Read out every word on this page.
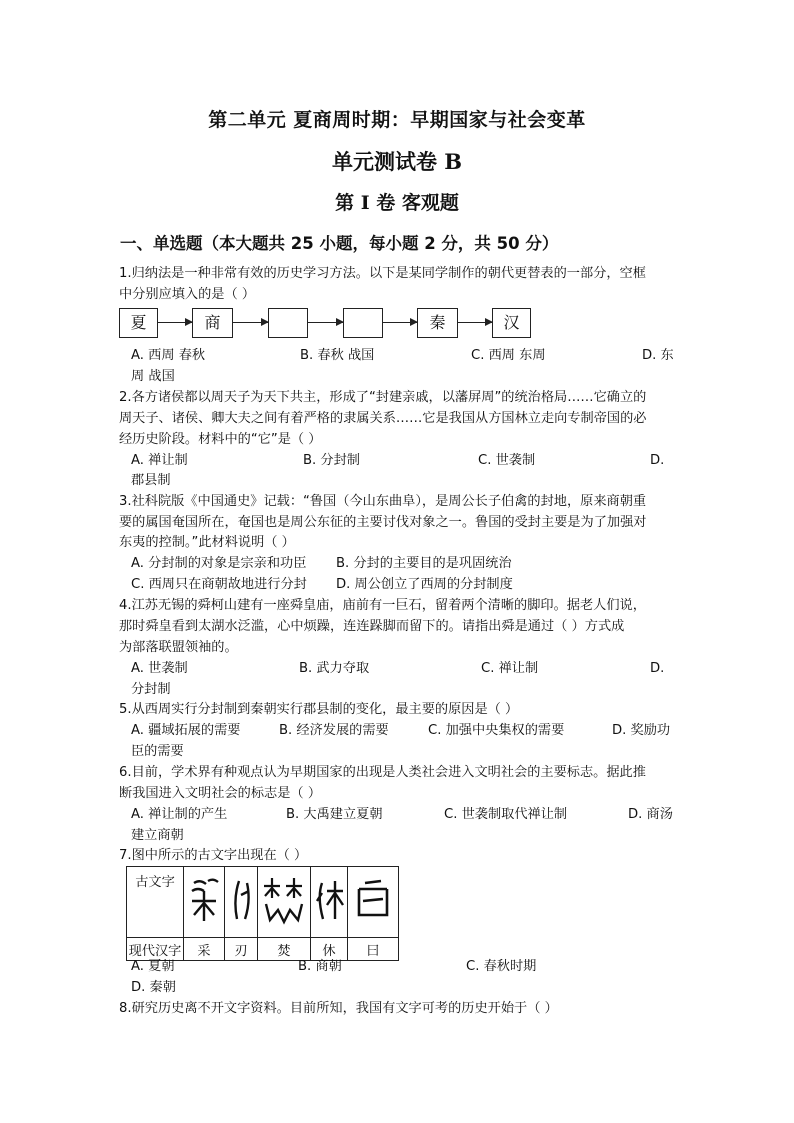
第二单元 夏商周时期：早期国家与社会变革
单元测试卷 B
第 I 卷 客观题
一、单选题（本大题共 25 小题，每小题 2 分，共 50 分）
1.归纳法是一种非常有效的历史学习方法。以下是某同学制作的朝代更替表的一部分，空框
中分别应填入的是（ ）
夏	商	秦	汉
A. 西周 春秋	B. 春秋 战国	C. 西周 东周	D. 东
周 战国
2.各方诸侯都以周天子为天下共主，形成了“封建亲戚，以藩屏周”的统治格局……它确立的
周天子、诸侯、卿大夫之间有着严格的隶属关系……它是我国从方国林立走向专制帝国的必
经历史阶段。材料中的“它”是（ ）
A. 禅让制	B. 分封制	C. 世袭制	D.
郡县制
3.社科院版《中国通史》记载：“鲁国（今山东曲阜），是周公长子伯禽的封地，原来商朝重
要的属国奄国所在，奄国也是周公东征的主要讨伐对象之一。鲁国的受封主要是为了加强对
东夷的控制。”此材料说明（ ）
A. 分封制的对象是宗亲和功臣 B. 分封的主要目的是巩固统治
C. 西周只在商朝故地进行分封 D. 周公创立了西周的分封制度
4.江苏无锡的舜柯山建有一座舜皇庙，庙前有一巨石，留着两个清晰的脚印。据老人们说，
那时舜皇看到太湖水泛滥，心中烦躁，连连跺脚而留下的。请指出舜是通过（ ）方式成
为部落联盟领袖的。
A. 世袭制	B. 武力夺取	C. 禅让制	D.
分封制
5.从西周实行分封制到秦朝实行郡县制的变化，最主要的原因是（ ）
A. 疆域拓展的需要	B. 经济发展的需要	C. 加强中央集权的需要	D. 奖励功
臣的需要
6.目前，学术界有种观点认为早期国家的出现是人类社会进入文明社会的主要标志。据此推
断我国进入文明社会的标志是（ ）
A. 禅让制的产生	B. 大禹建立夏朝	C. 世袭制取代禅让制	D. 商汤
建立商朝
7.图中所示的古文字出现在（ ）
古文字					
现代汉字	采	刃	焚	休	曰
A. 夏朝	B. 商朝	C. 春秋时期
D. 秦朝
8.研究历史离不开文字资料。目前所知，我国有文字可考的历史开始于（ ）
